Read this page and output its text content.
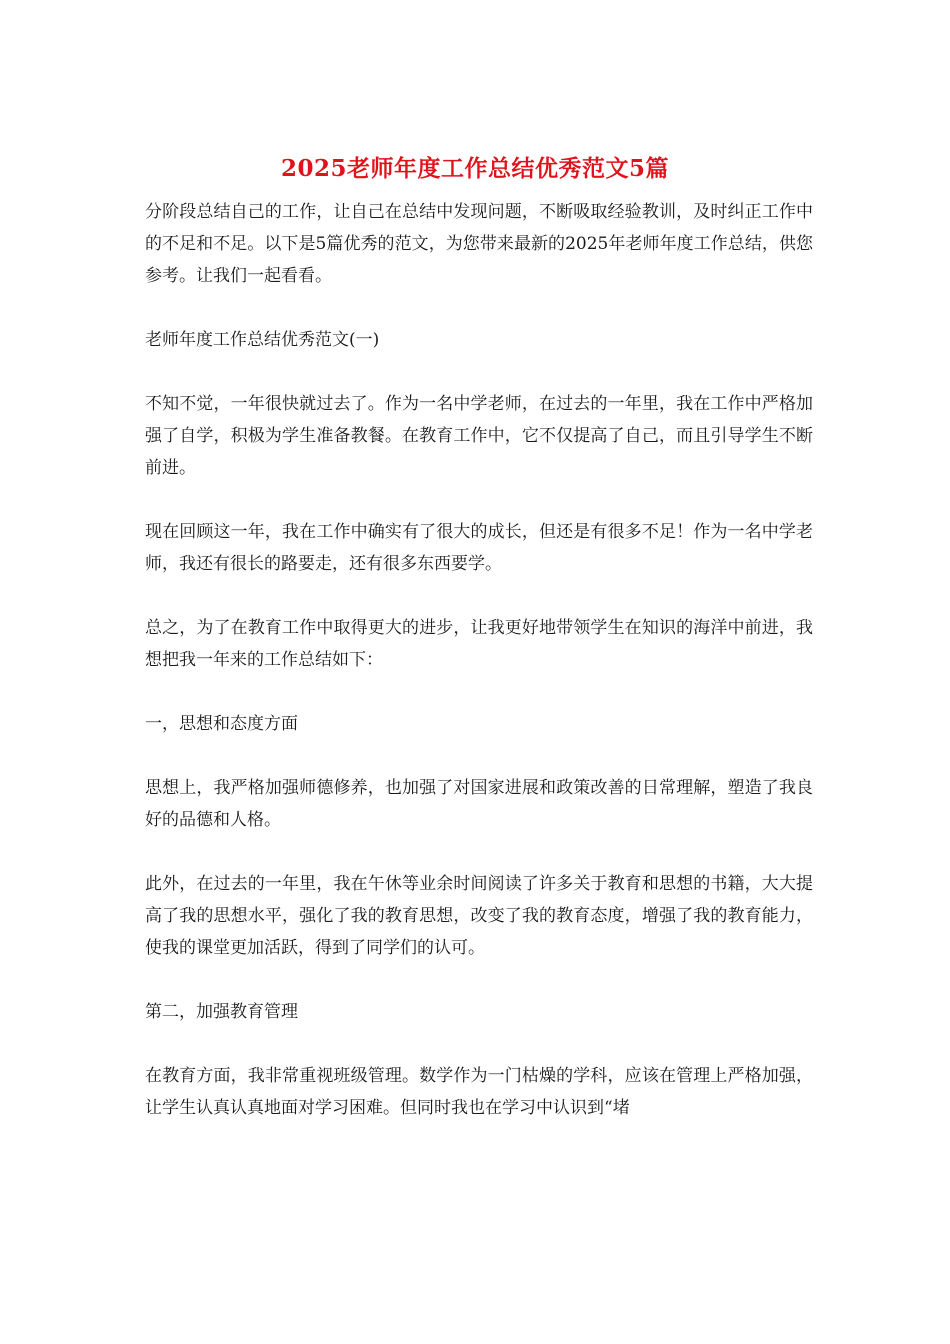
2025老师年度工作总结优秀范文5篇

分阶段总结自己的工作，让自己在总结中发现问题，不断吸取经验教训，及时纠正工作中的不足和不足。以下是5篇优秀的范文，为您带来最新的2025年老师年度工作总结，供您参考。让我们一起看看。

老师年度工作总结优秀范文(一)

不知不觉，一年很快就过去了。作为一名中学老师，在过去的一年里，我在工作中严格加强了自学，积极为学生准备教餐。在教育工作中，它不仅提高了自己，而且引导学生不断前进。

现在回顾这一年，我在工作中确实有了很大的成长，但还是有很多不足！作为一名中学老师，我还有很长的路要走，还有很多东西要学。

总之，为了在教育工作中取得更大的进步，让我更好地带领学生在知识的海洋中前进，我想把我一年来的工作总结如下：

一，思想和态度方面

思想上，我严格加强师德修养，也加强了对国家进展和政策改善的日常理解，塑造了我良好的品德和人格。

此外，在过去的一年里，我在午休等业余时间阅读了许多关于教育和思想的书籍，大大提高了我的思想水平，强化了我的教育思想，改变了我的教育态度，增强了我的教育能力，使我的课堂更加活跃，得到了同学们的认可。

第二，加强教育管理

在教育方面，我非常重视班级管理。数学作为一门枯燥的学科，应该在管理上严格加强，让学生认真认真地面对学习困难。但同时我也在学习中认识到“堵
